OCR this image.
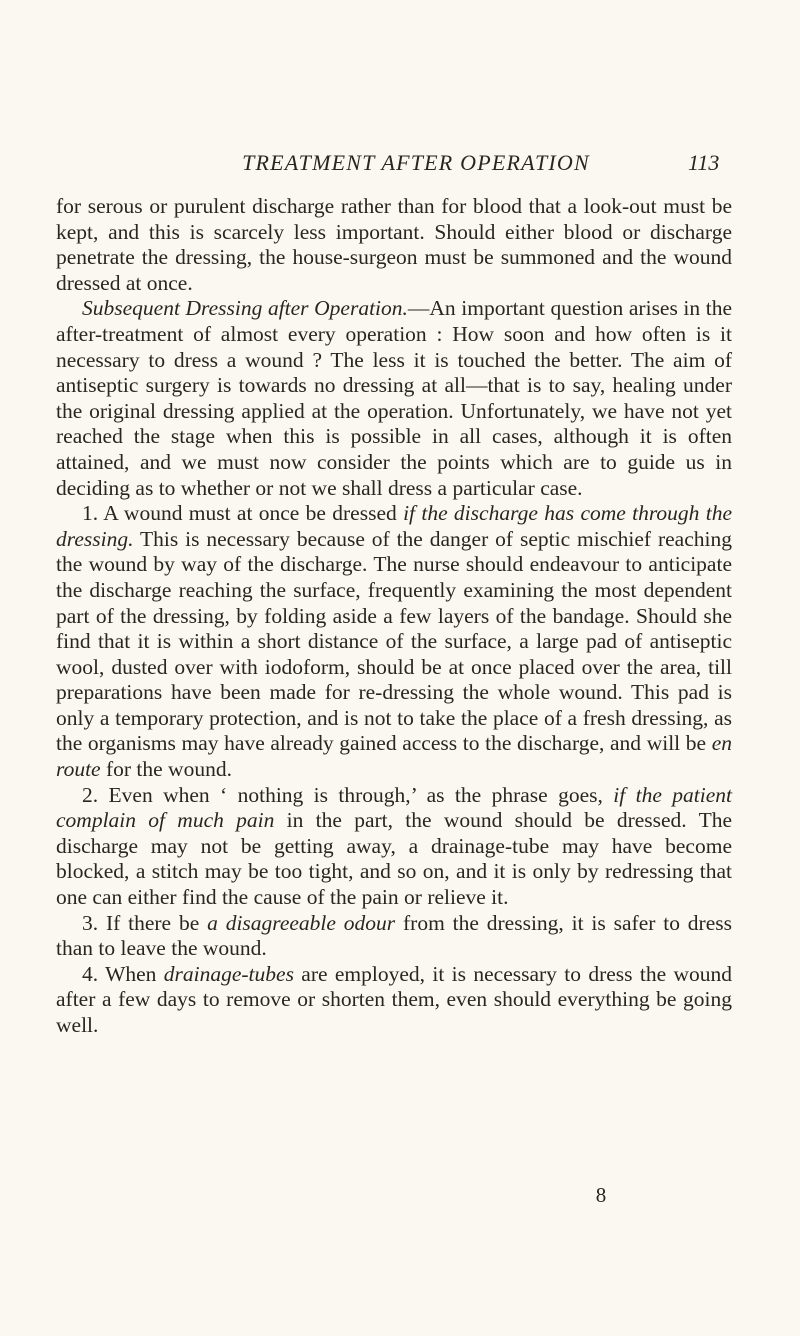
TREATMENT AFTER OPERATION	113

for serous or purulent discharge rather than for blood that a look-out must be kept, and this is scarcely less important. Should either blood or discharge penetrate the dressing, the house-surgeon must be summoned and the wound dressed at once.

Subsequent Dressing after Operation.—An important question arises in the after-treatment of almost every operation : How soon and how often is it necessary to dress a wound ? The less it is touched the better. The aim of antiseptic surgery is towards no dressing at all—that is to say, healing under the original dressing applied at the operation. Unfortunately, we have not yet reached the stage when this is possible in all cases, although it is often attained, and we must now consider the points which are to guide us in deciding as to whether or not we shall dress a particular case.

1. A wound must at once be dressed if the discharge has come through the dressing. This is necessary because of the danger of septic mischief reaching the wound by way of the discharge. The nurse should endeavour to anticipate the discharge reaching the surface, frequently examining the most dependent part of the dressing, by folding aside a few layers of the bandage. Should she find that it is within a short distance of the surface, a large pad of antiseptic wool, dusted over with iodoform, should be at once placed over the area, till preparations have been made for re-dressing the whole wound. This pad is only a temporary protection, and is not to take the place of a fresh dressing, as the organisms may have already gained access to the discharge, and will be en route for the wound.

2. Even when ‘ nothing is through,’ as the phrase goes, if the patient complain of much pain in the part, the wound should be dressed. The discharge may not be getting away, a drainage-tube may have become blocked, a stitch may be too tight, and so on, and it is only by redressing that one can either find the cause of the pain or relieve it.

3. If there be a disagreeable odour from the dressing, it is safer to dress than to leave the wound.

4. When drainage-tubes are employed, it is necessary to dress the wound after a few days to remove or shorten them, even should everything be going well.

8
